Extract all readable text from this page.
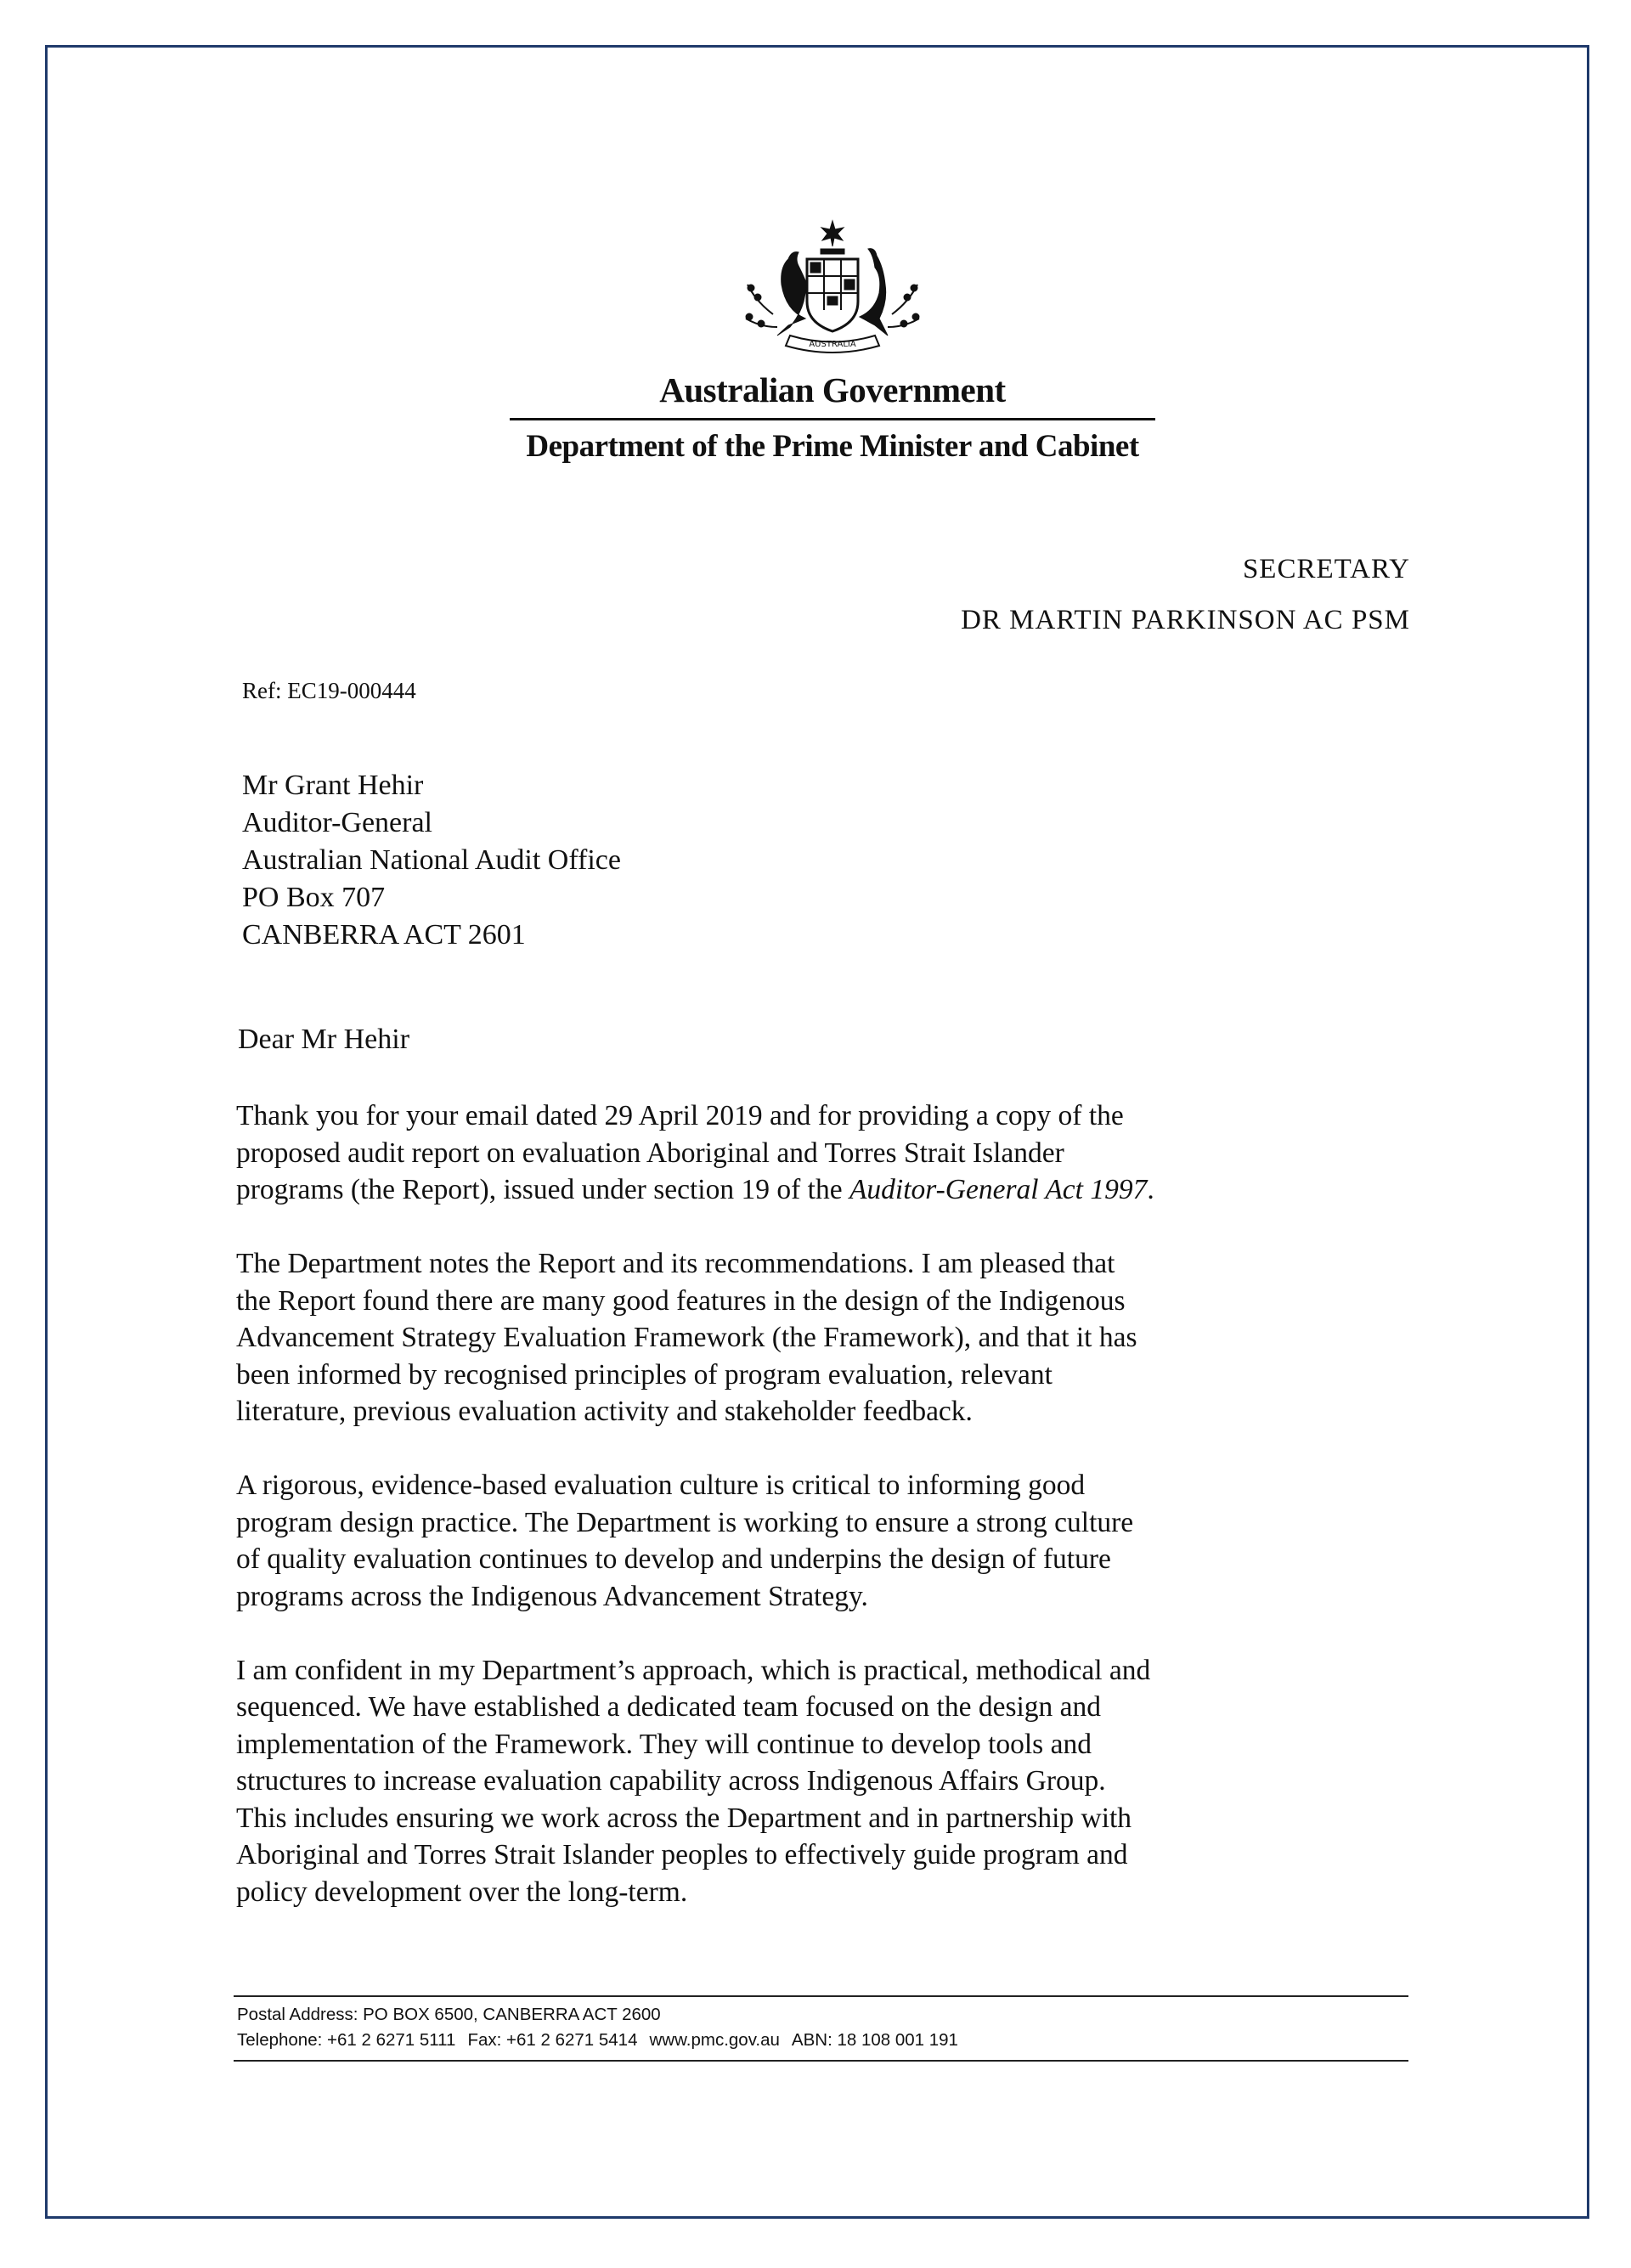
AUSTRALIA
Australian Government
Department of the Prime Minister and Cabinet
SECRETARY
DR MARTIN PARKINSON AC PSM
Ref: EC19-000444
Mr Grant Hehir
Auditor-General
Australian National Audit Office
PO Box 707
CANBERRA ACT 2601
Dear Mr Hehir

Thank you for your email dated 29 April 2019 and for providing a copy of the
proposed audit report on evaluation Aboriginal and Torres Strait Islander
programs (the Report), issued under section 19 of the Auditor-General Act 1997.

The Department notes the Report and its recommendations. I am pleased that
the Report found there are many good features in the design of the Indigenous
Advancement Strategy Evaluation Framework (the Framework), and that it has
been informed by recognised principles of program evaluation, relevant
literature, previous evaluation activity and stakeholder feedback.

A rigorous, evidence-based evaluation culture is critical to informing good
program design practice. The Department is working to ensure a strong culture
of quality evaluation continues to develop and underpins the design of future
programs across the Indigenous Advancement Strategy.

I am confident in my Department’s approach, which is practical, methodical and
sequenced. We have established a dedicated team focused on the design and
implementation of the Framework. They will continue to develop tools and
structures to increase evaluation capability across Indigenous Affairs Group.
This includes ensuring we work across the Department and in partnership with
Aboriginal and Torres Strait Islander peoples to effectively guide program and
policy development over the long-term.

Postal Address: PO BOX 6500, CANBERRA ACT 2600
Telephone: +61 2 6271 5111 Fax: +61 2 6271 5414 www.pmc.gov.au ABN: 18 108 001 191
